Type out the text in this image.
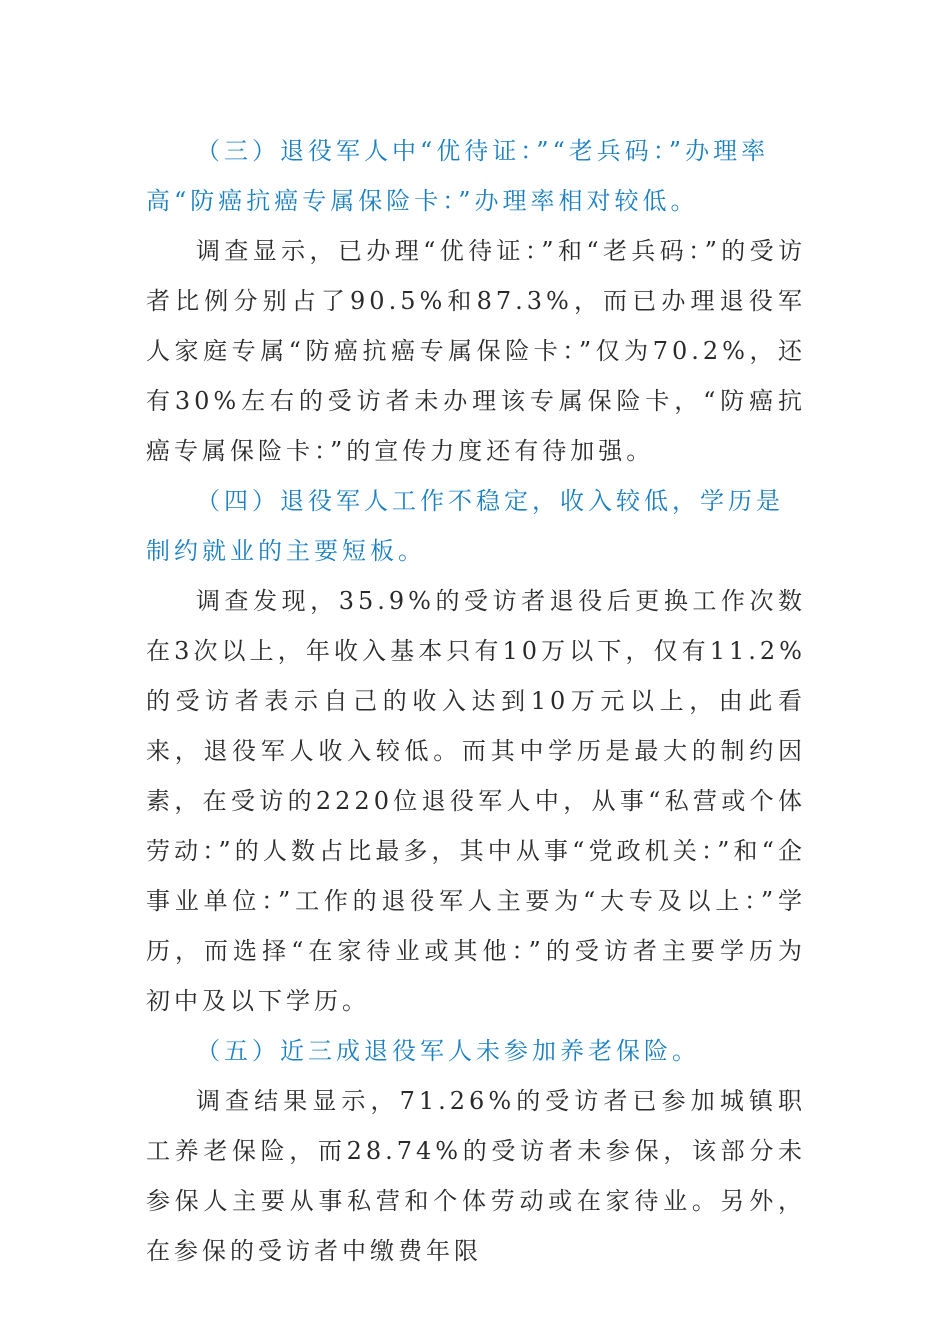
（三）退役军人中“优待证：”“老兵码：”办理率高“防癌抗癌专属保险卡：”办理率相对较低。

调查显示，已办理“优待证：”和“老兵码：”的受访者比例分别占了90.5%和87.3%，而已办理退役军人家庭专属“防癌抗癌专属保险卡：”仅为70.2%，还有30%左右的受访者未办理该专属保险卡，“防癌抗癌专属保险卡：”的宣传力度还有待加强。

（四）退役军人工作不稳定，收入较低，学历是制约就业的主要短板。

调查发现，35.9%的受访者退役后更换工作次数在3次以上，年收入基本只有10万以下，仅有11.2%的受访者表示自己的收入达到10万元以上，由此看来，退役军人收入较低。而其中学历是最大的制约因素，在受访的2220位退役军人中，从事“私营或个体劳动：”的人数占比最多，其中从事“党政机关：”和“企事业单位：”工作的退役军人主要为“大专及以上：”学历，而选择“在家待业或其他：”的受访者主要学历为初中及以下学历。

（五）近三成退役军人未参加养老保险。

调查结果显示，71.26%的受访者已参加城镇职工养老保险，而28.74%的受访者未参保，该部分未参保人主要从事私营和个体劳动或在家待业。另外，在参保的受访者中缴费年限
